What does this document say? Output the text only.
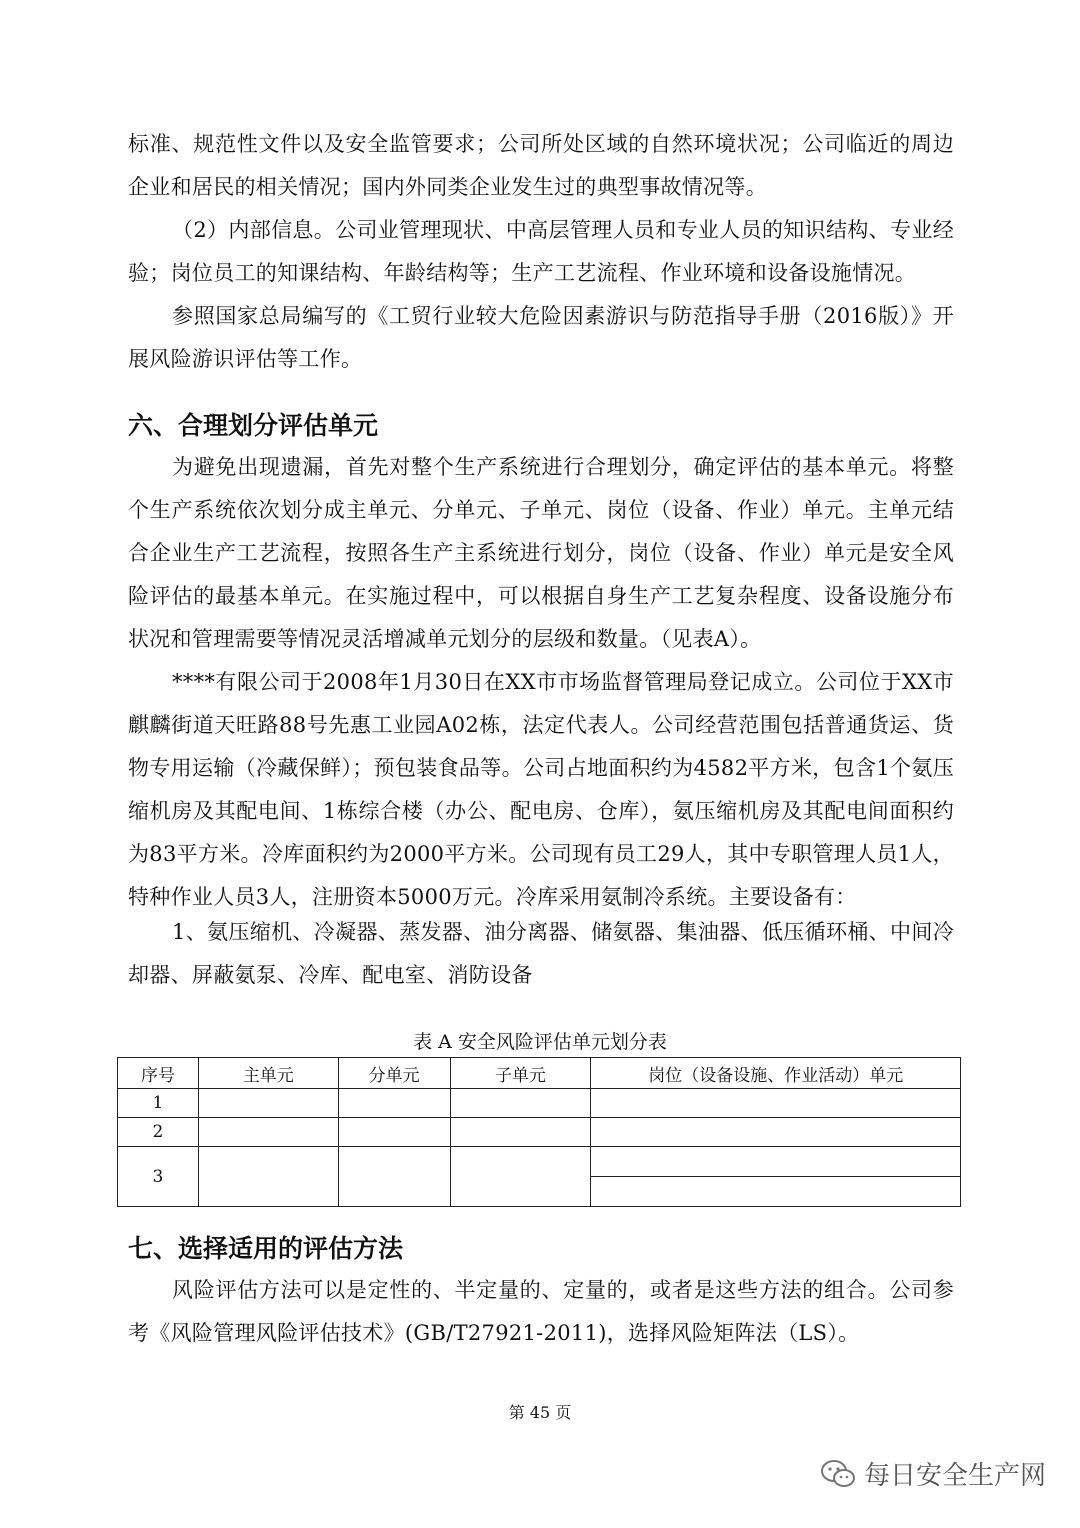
标准、规范性文件以及安全监管要求；公司所处区域的自然环境状况；公司临近的周边企业和居民的相关情况；国内外同类企业发生过的典型事故情况等。

（2）内部信息。公司业管理现状、中高层管理人员和专业人员的知识结构、专业经验；岗位员工的知课结构、年龄结构等；生产工艺流程、作业环境和设备设施情况。

参照国家总局编写的《工贸行业较大危险因素游识与防范指导手册（2016版）》开展风险游识评估等工作。

六、合理划分评估单元

为避免出现遗漏，首先对整个生产系统进行合理划分，确定评估的基本单元。将整个生产系统依次划分成主单元、分单元、子单元、岗位（设备、作业）单元。主单元结合企业生产工艺流程，按照各生产主系统进行划分，岗位（设备、作业）单元是安全风险评估的最基本单元。在实施过程中，可以根据自身生产工艺复杂程度、设备设施分布状况和管理需要等情况灵活增减单元划分的层级和数量。（见表A）。

****有限公司于2008年1月30日在XX市市场监督管理局登记成立。公司位于XX市麒麟街道天旺路88号先惠工业园A02栋，法定代表人。公司经营范围包括普通货运、货物专用运输（冷藏保鲜）；预包装食品等。公司占地面积约为4582平方米，包含1个氨压缩机房及其配电间、1栋综合楼（办公、配电房、仓库），氨压缩机房及其配电间面积约为83平方米。冷库面积约为2000平方米。公司现有员工29人，其中专职管理人员1人，特种作业人员3人，注册资本5000万元。冷库采用氨制冷系统。主要设备有：

1、氨压缩机、冷凝器、蒸发器、油分离器、储氨器、集油器、低压循环桶、中间冷却器、屏蔽氨泵、冷库、配电室、消防设备

表 A 安全风险评估单元划分表
序号	主单元	分单元	子单元	岗位（设备设施、作业活动）单元
1				
2				
3				

七、选择适用的评估方法

风险评估方法可以是定性的、半定量的、定量的，或者是这些方法的组合。公司参考《风险管理风险评估技术》(GB/T27921-2011)，选择风险矩阵法（LS）。

第 45 页
每日安全生产网
